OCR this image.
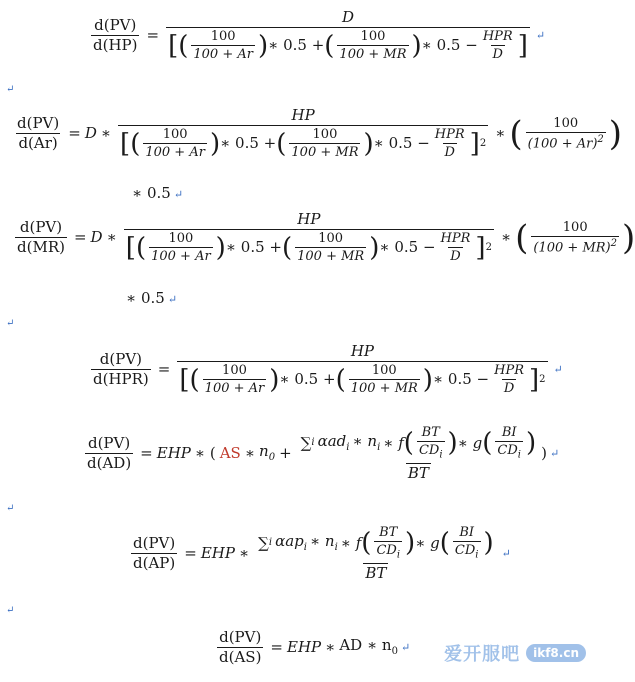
$\frac{d(PV)}{d(HP)}$ =
D
[ ( $\frac{100}{100 + Ar}$ ) ∗ 0.5 + ( $\frac{100}{100 + MR}$ ) ∗ $0.5 - \frac{\text{HPR}}{D}$ ] ↵
↵
$\frac{d(PV)}{d(Ar)} = D$ ∗
HP
[ ( $\frac{100}{100 + Ar}$ ) ∗ 0.5 + ( $\frac{100}{100 + MR}$ ) ∗ $0.5 - \frac{\text{HPR}}{D}$ ] 2
∗ ( $\frac{100}{(100 + Ar)^2}$ )
∗ 0.5 ↵
$\frac{d(PV)}{d(MR)} = D$ ∗
HP
[ ( $\frac{100}{100 + Ar}$ ) ∗ 0.5 + ( $\frac{100}{100 + MR}$ ) ∗ $0.5 - \frac{\text{HPR}}{D}$ ] 2
∗ ( $\frac{100}{(100 + MR)^2}$ )
∗ 0.5 ↵
↵
$\frac{d(PV)}{\text{d(HPR)}}$ =
HP
[ ( $\frac{100}{100 + Ar}$ ) ∗ 0.5 + ( $\frac{100}{100 + MR}$ ) ∗ $0.5 - \frac{\text{HPR}}{D}$ ] 2
↵
$\frac{d(PV)}{d(AD)}$ = EHP ∗ ( AS ∗ $n_0$ +
∑ i αad$_i$ ∗ $n_i$ ∗ f ( $\frac{BT}{CD_i}$ ) ∗ g ( $\frac{BI}{CD_i}$ )
BT
) ↵
↵
$\frac{d(PV)}{d(AP)}$ = EHP ∗
∑ i αap$_i$ ∗ $n_i$ ∗ f ( $\frac{BT}{CD_i}$ ) ∗ g ( $\frac{BI}{CD_i}$ )
BT
↵
↵
$\frac{d(PV)}{d(AS)}$ = EHP ∗ AD ∗ $n_0$ ↵ 爱开服吧	ikf8.cn
